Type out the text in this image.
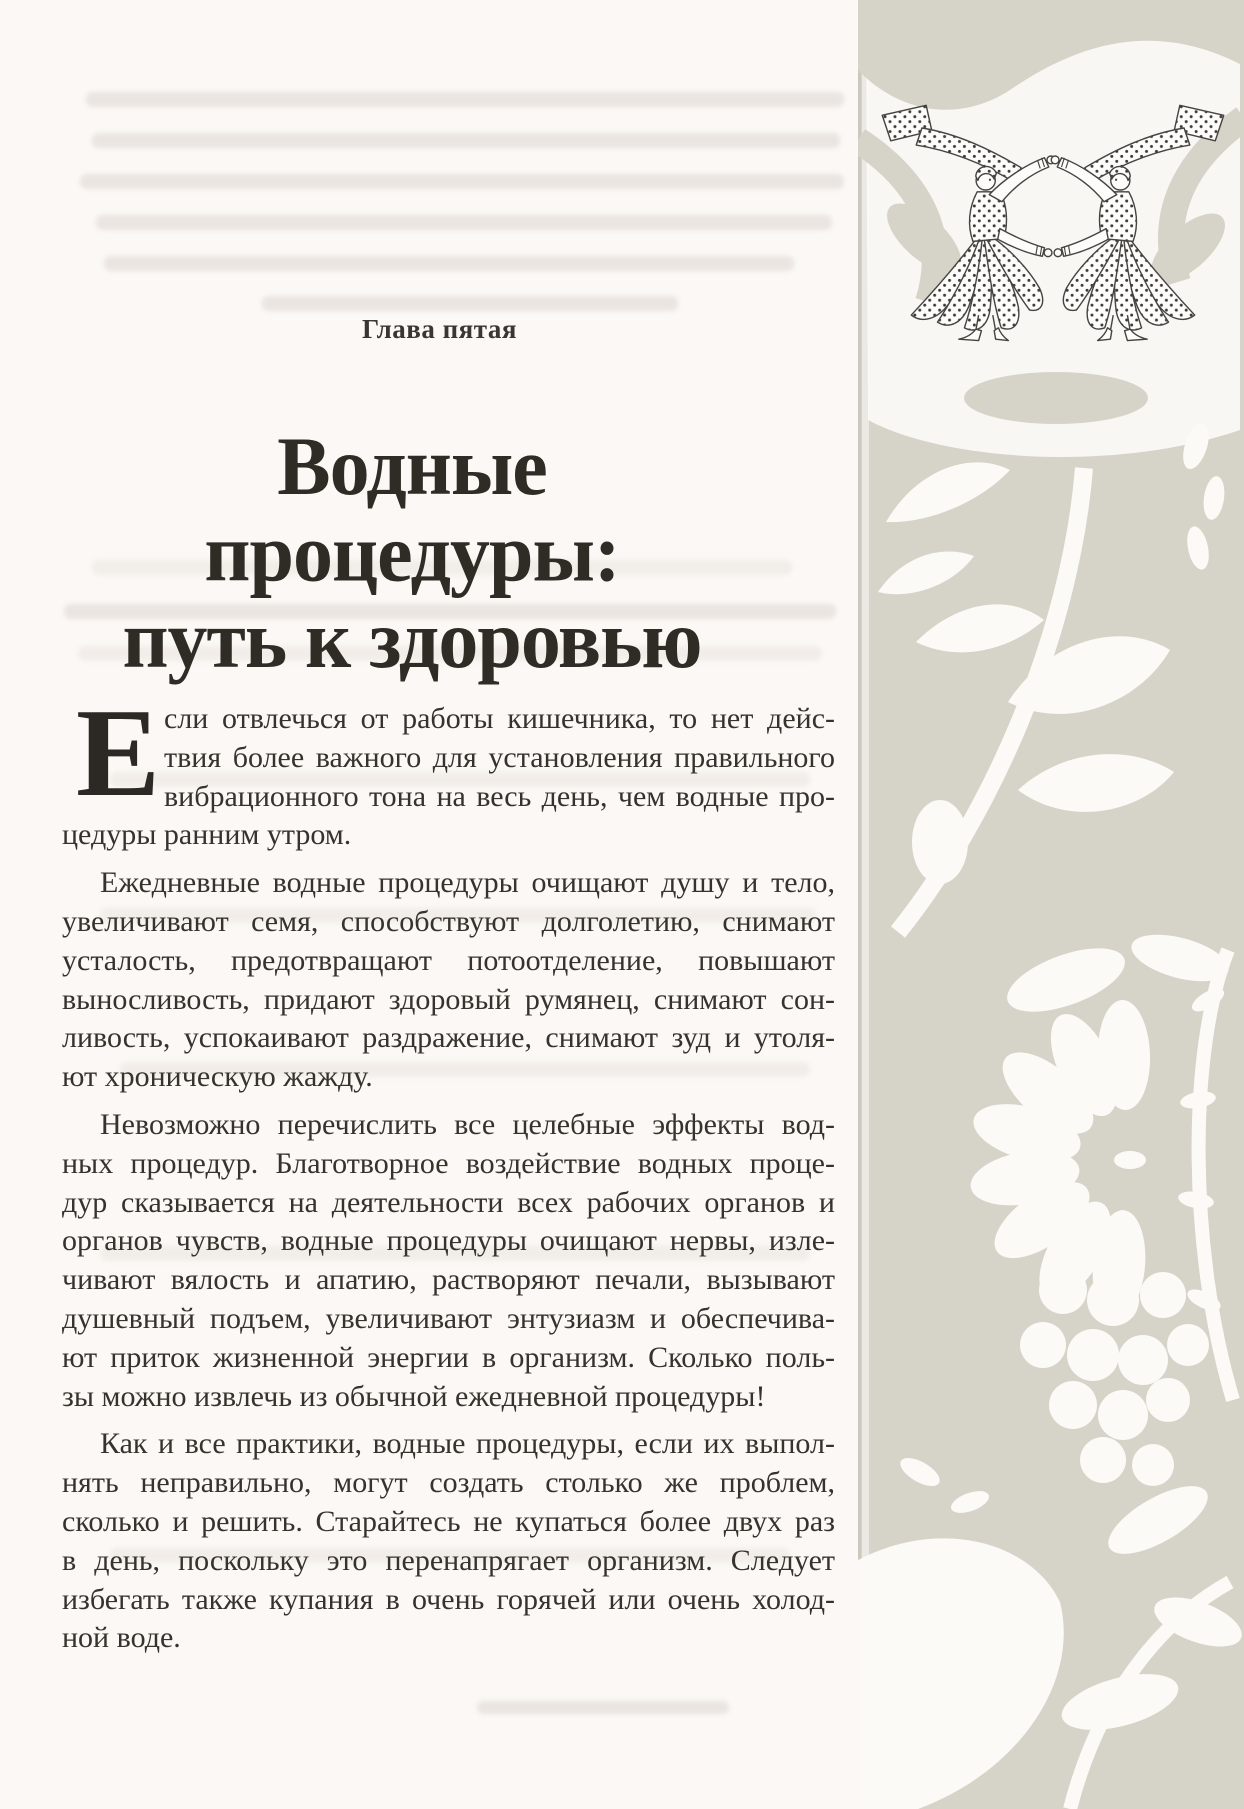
Глава пятая
Водные процедуры:
путь к здоровью
Е сли отвлечься от работы кишечника, то нет дейс-
твия более важного для установления правильного
вибрационного тона на весь день, чем водные про-
цедуры ранним утром.
Ежедневные водные процедуры очищают душу и тело,
увеличивают семя, способствуют долголетию, снимают
усталость, предотвращают потоотделение, повышают
выносливость, придают здоровый румянец, снимают сон-
ливость, успокаивают раздражение, снимают зуд и утоля-
ют хроническую жажду.
Невозможно перечислить все целебные эффекты вод-
ных процедур. Благотворное воздействие водных проце-
дур сказывается на деятельности всех рабочих органов и
органов чувств, водные процедуры очищают нервы, изле-
чивают вялость и апатию, растворяют печали, вызывают
душевный подъем, увеличивают энтузиазм и обеспечива-
ют приток жизненной энергии в организм. Сколько поль-
зы можно извлечь из обычной ежедневной процедуры!
Как и все практики, водные процедуры, если их выпол-
нять неправильно, могут создать столько же проблем,
сколько и решить. Старайтесь не купаться более двух раз
в день, поскольку это перенапрягает организм. Следует
избегать также купания в очень горячей или очень холод-
ной воде.
